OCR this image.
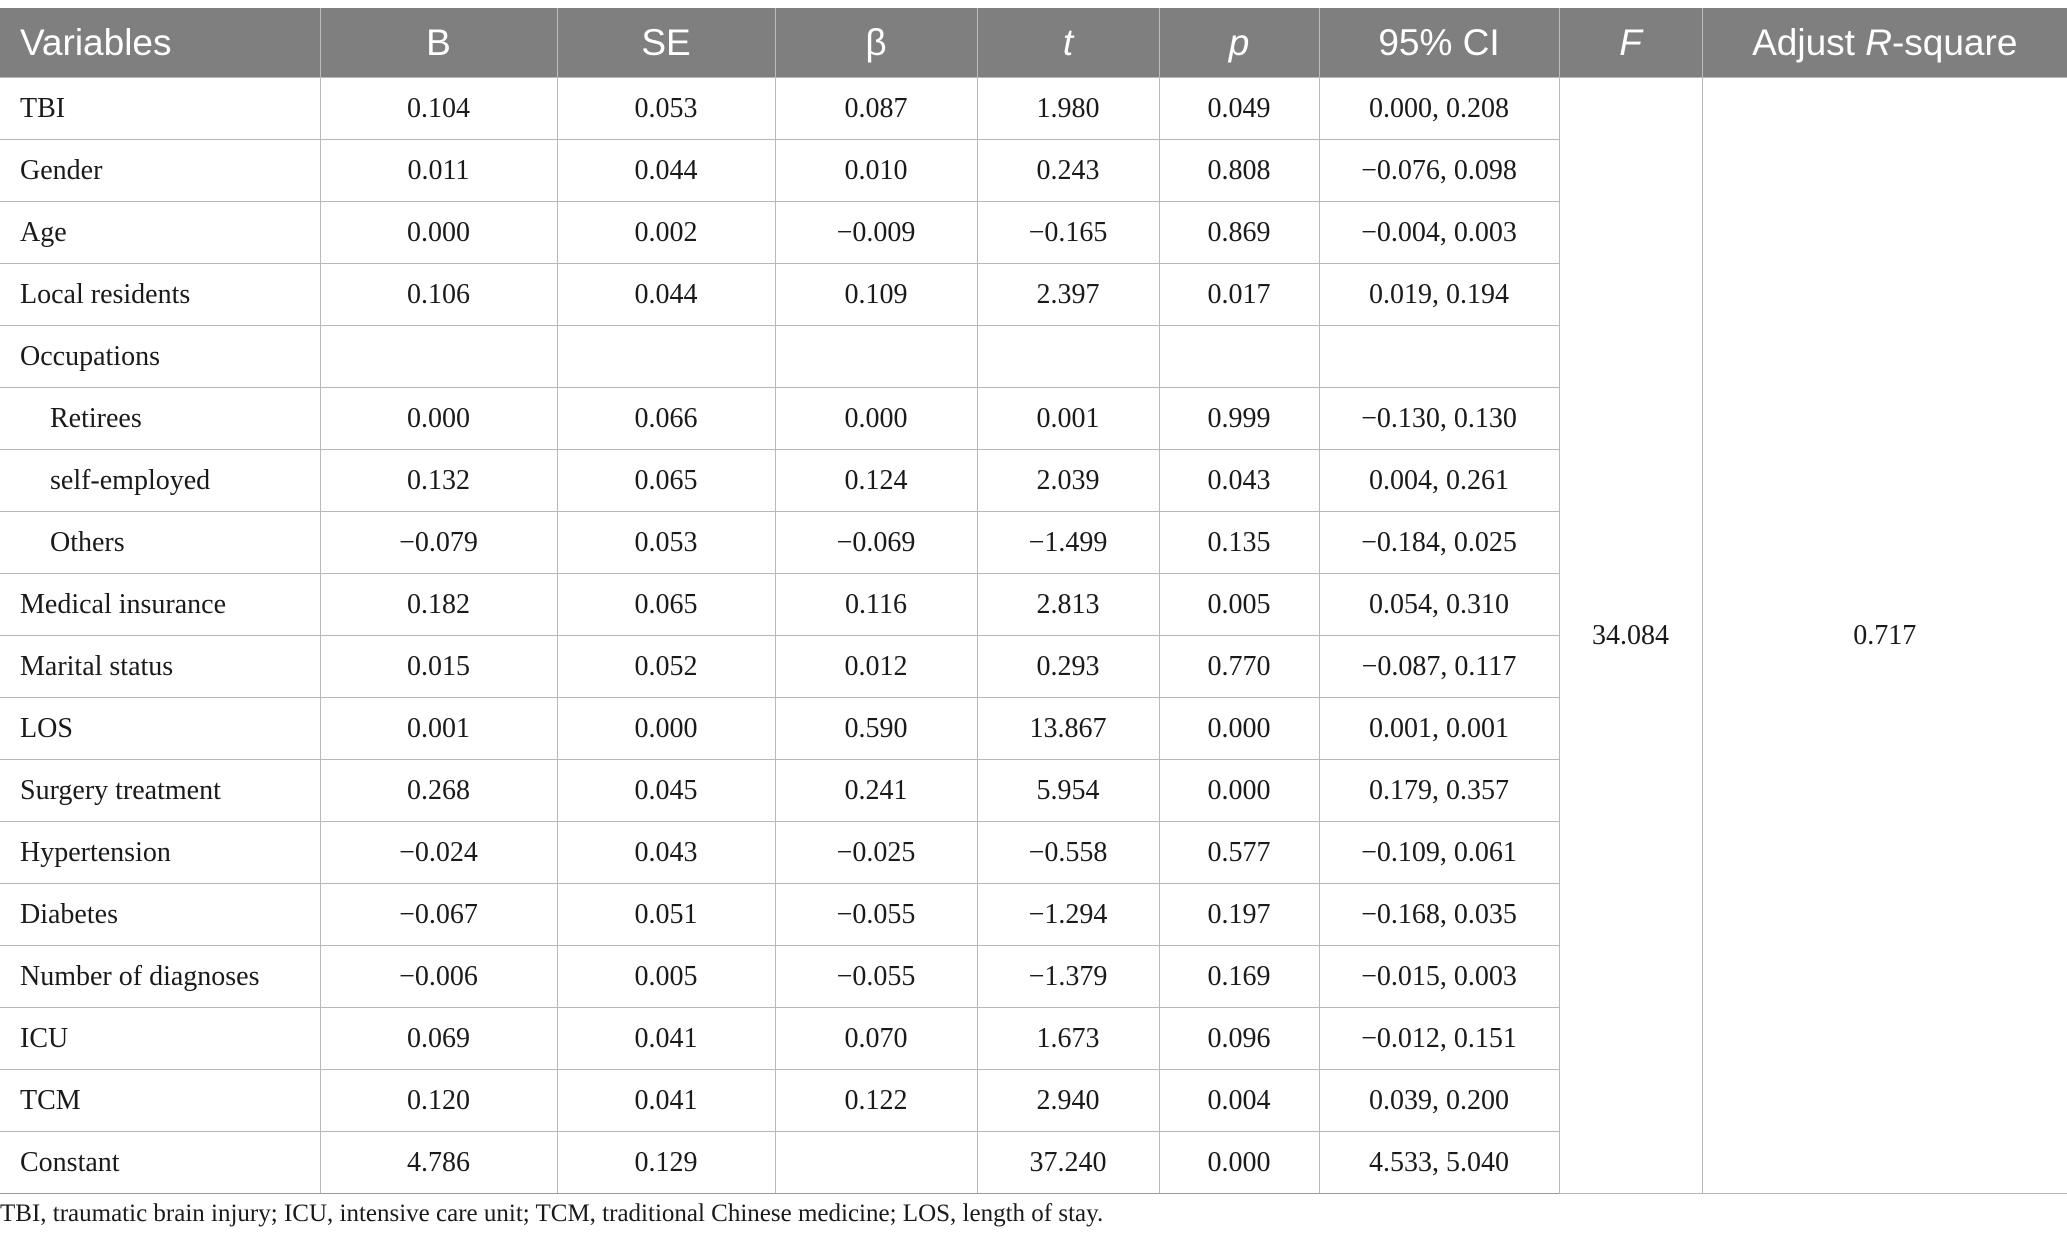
Variables	B	SE	β	t	p	95% CI	F	Adjust R-square
TBI	0.104	0.053	0.087	1.980	0.049	0.000, 0.208	34.084	0.717
Gender	0.011	0.044	0.010	0.243	0.808	−0.076, 0.098		
Age	0.000	0.002	−0.009	−0.165	0.869	−0.004, 0.003		
Local residents	0.106	0.044	0.109	2.397	0.017	0.019, 0.194		
Occupations								
Retirees	0.000	0.066	0.000	0.001	0.999	−0.130, 0.130		
self-employed	0.132	0.065	0.124	2.039	0.043	0.004, 0.261		
Others	−0.079	0.053	−0.069	−1.499	0.135	−0.184, 0.025		
Medical insurance	0.182	0.065	0.116	2.813	0.005	0.054, 0.310		
Marital status	0.015	0.052	0.012	0.293	0.770	−0.087, 0.117		
LOS	0.001	0.000	0.590	13.867	0.000	0.001, 0.001		
Surgery treatment	0.268	0.045	0.241	5.954	0.000	0.179, 0.357		
Hypertension	−0.024	0.043	−0.025	−0.558	0.577	−0.109, 0.061		
Diabetes	−0.067	0.051	−0.055	−1.294	0.197	−0.168, 0.035		
Number of diagnoses	−0.006	0.005	−0.055	−1.379	0.169	−0.015, 0.003		
ICU	0.069	0.041	0.070	1.673	0.096	−0.012, 0.151		
TCM	0.120	0.041	0.122	2.940	0.004	0.039, 0.200		
Constant	4.786	0.129		37.240	0.000	4.533, 5.040		
TBI, traumatic brain injury; ICU, intensive care unit; TCM, traditional Chinese medicine; LOS, length of stay.
